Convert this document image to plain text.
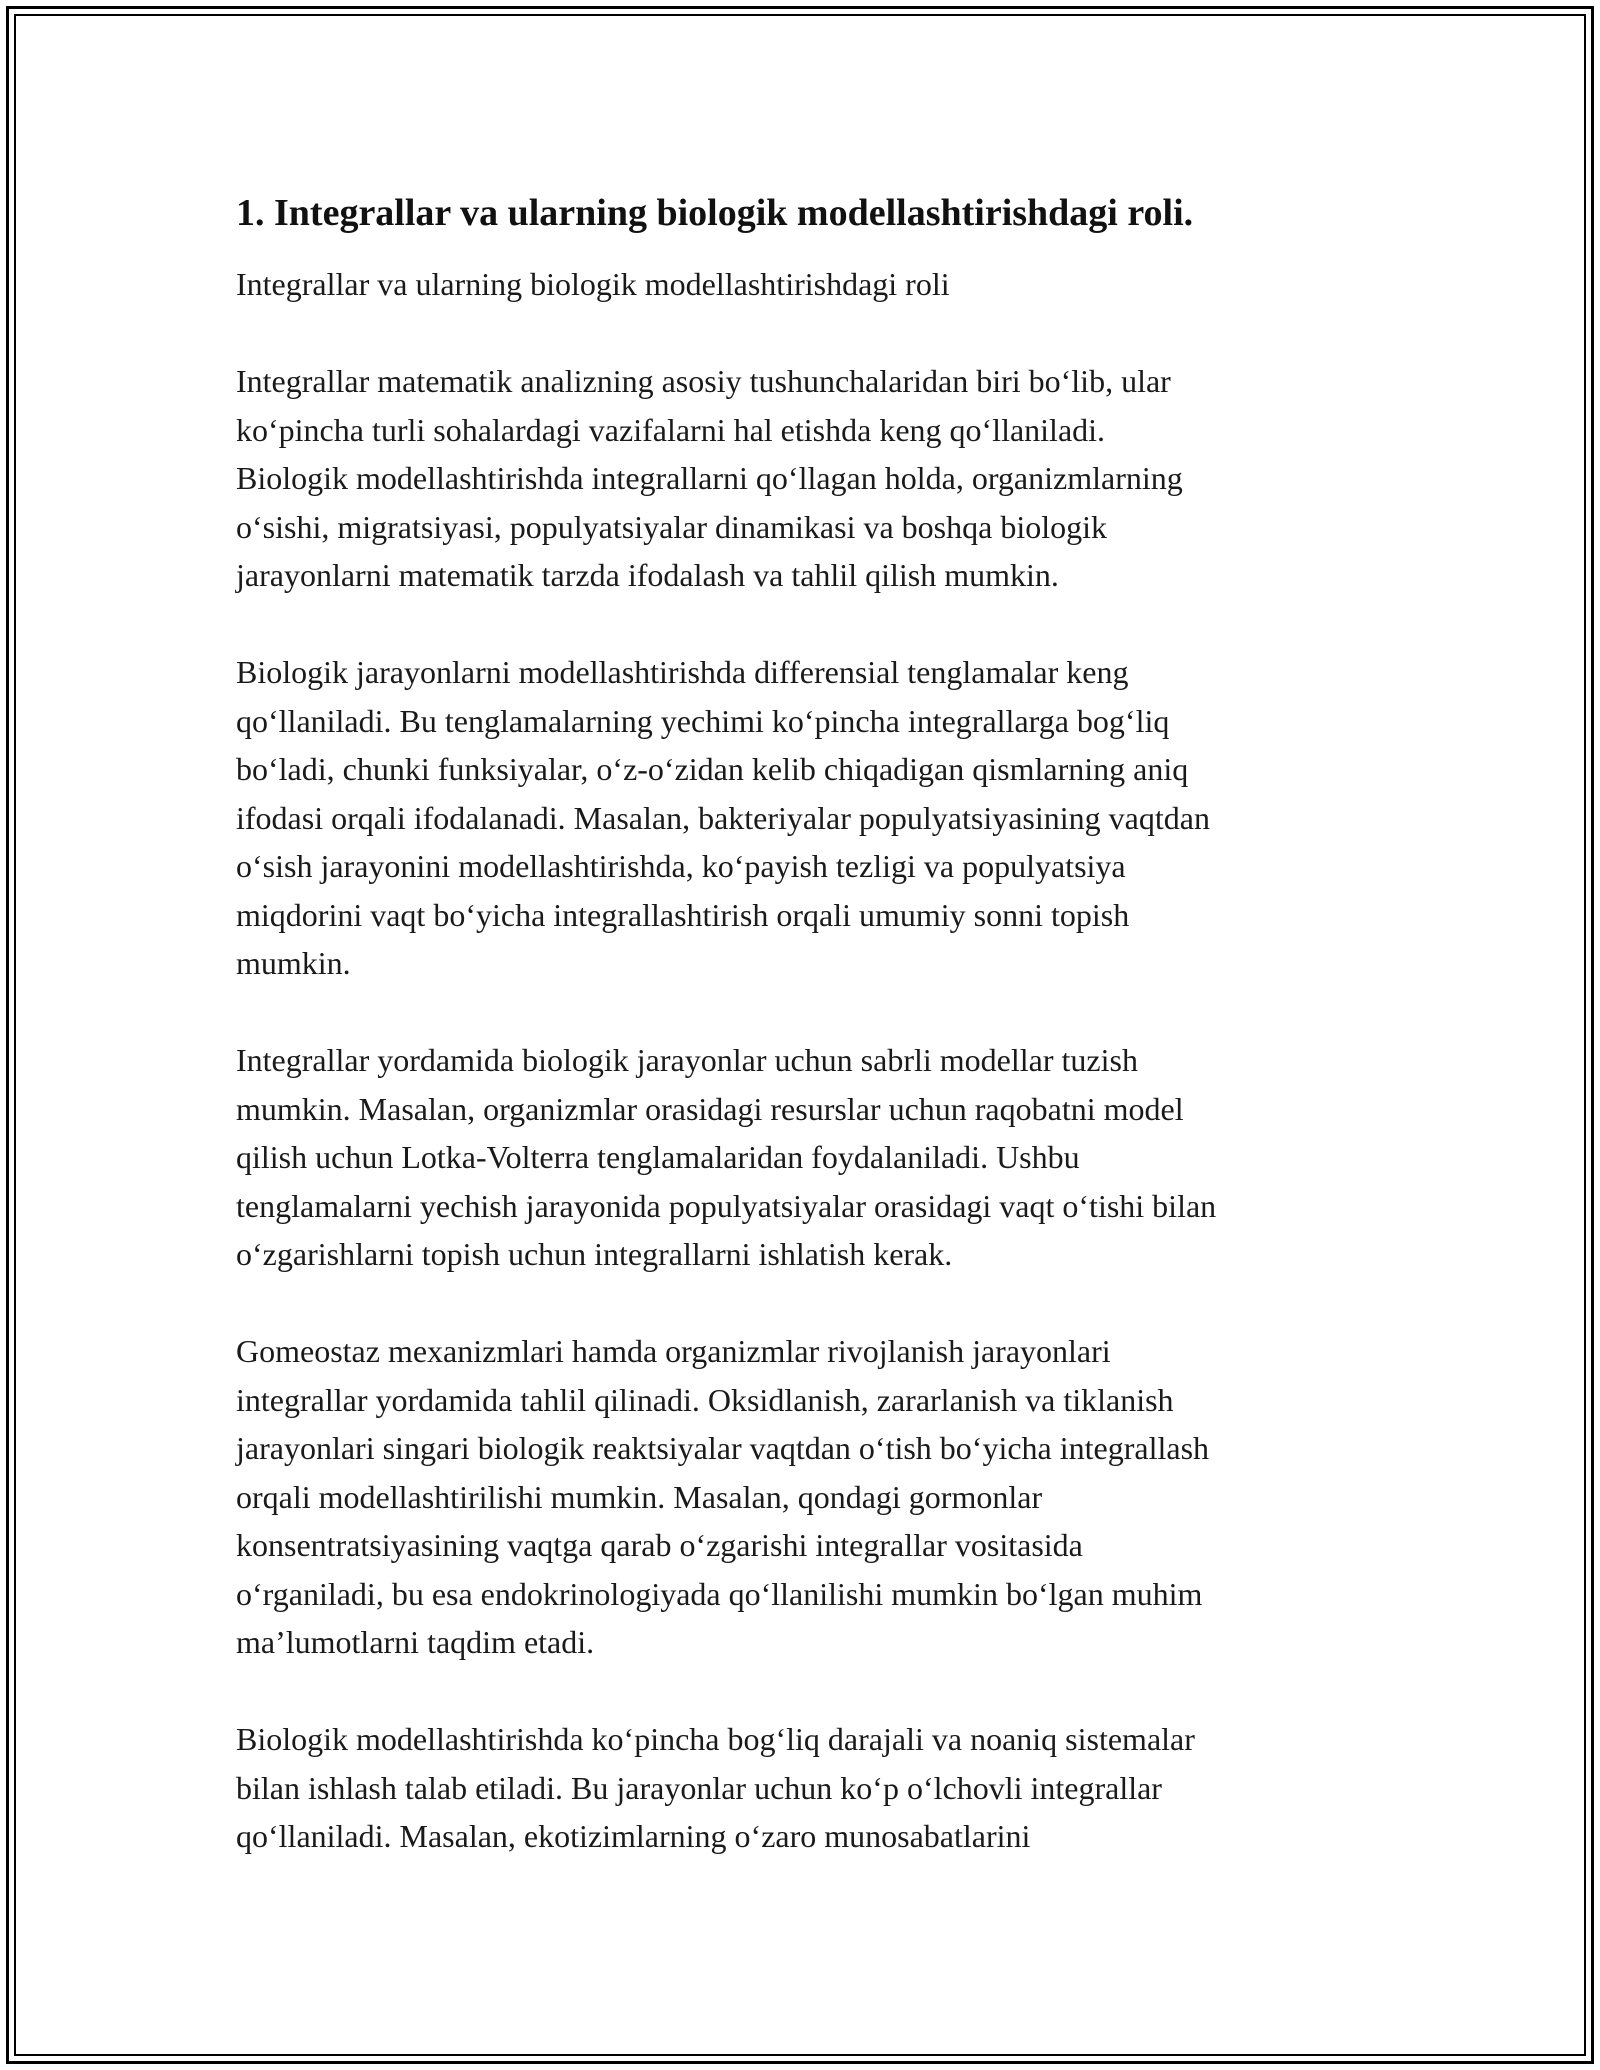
1. Integrallar va ularning biologik modellashtirishdagi roli.

Integrallar va ularning biologik modellashtirishdagi roli

Integrallar matematik analizning asosiy tushunchalaridan biri bo‘lib, ular
ko‘pincha turli sohalardagi vazifalarni hal etishda keng qo‘llaniladi.
Biologik modellashtirishda integrallarni qo‘llagan holda, organizmlarning
o‘sishi, migratsiyasi, populyatsiyalar dinamikasi va boshqa biologik
jarayonlarni matematik tarzda ifodalash va tahlil qilish mumkin.

Biologik jarayonlarni modellashtirishda differensial tenglamalar keng
qo‘llaniladi. Bu tenglamalarning yechimi ko‘pincha integrallarga bog‘liq
bo‘ladi, chunki funksiyalar, o‘z-o‘zidan kelib chiqadigan qismlarning aniq
ifodasi orqali ifodalanadi. Masalan, bakteriyalar populyatsiyasining vaqtdan
o‘sish jarayonini modellashtirishda, ko‘payish tezligi va populyatsiya
miqdorini vaqt bo‘yicha integrallashtirish orqali umumiy sonni topish
mumkin.

Integrallar yordamida biologik jarayonlar uchun sabrli modellar tuzish
mumkin. Masalan, organizmlar orasidagi resurslar uchun raqobatni model
qilish uchun Lotka-Volterra tenglamalaridan foydalaniladi. Ushbu
tenglamalarni yechish jarayonida populyatsiyalar orasidagi vaqt o‘tishi bilan
o‘zgarishlarni topish uchun integrallarni ishlatish kerak.

Gomeostaz mexanizmlari hamda organizmlar rivojlanish jarayonlari
integrallar yordamida tahlil qilinadi. Oksidlanish, zararlanish va tiklanish
jarayonlari singari biologik reaktsiyalar vaqtdan o‘tish bo‘yicha integrallash
orqali modellashtirilishi mumkin. Masalan, qondagi gormonlar
konsentratsiyasining vaqtga qarab o‘zgarishi integrallar vositasida
o‘rganiladi, bu esa endokrinologiyada qo‘llanilishi mumkin bo‘lgan muhim
ma’lumotlarni taqdim etadi.

Biologik modellashtirishda ko‘pincha bog‘liq darajali va noaniq sistemalar
bilan ishlash talab etiladi. Bu jarayonlar uchun ko‘p o‘lchovli integrallar
qo‘llaniladi. Masalan, ekotizimlarning o‘zaro munosabatlarini
